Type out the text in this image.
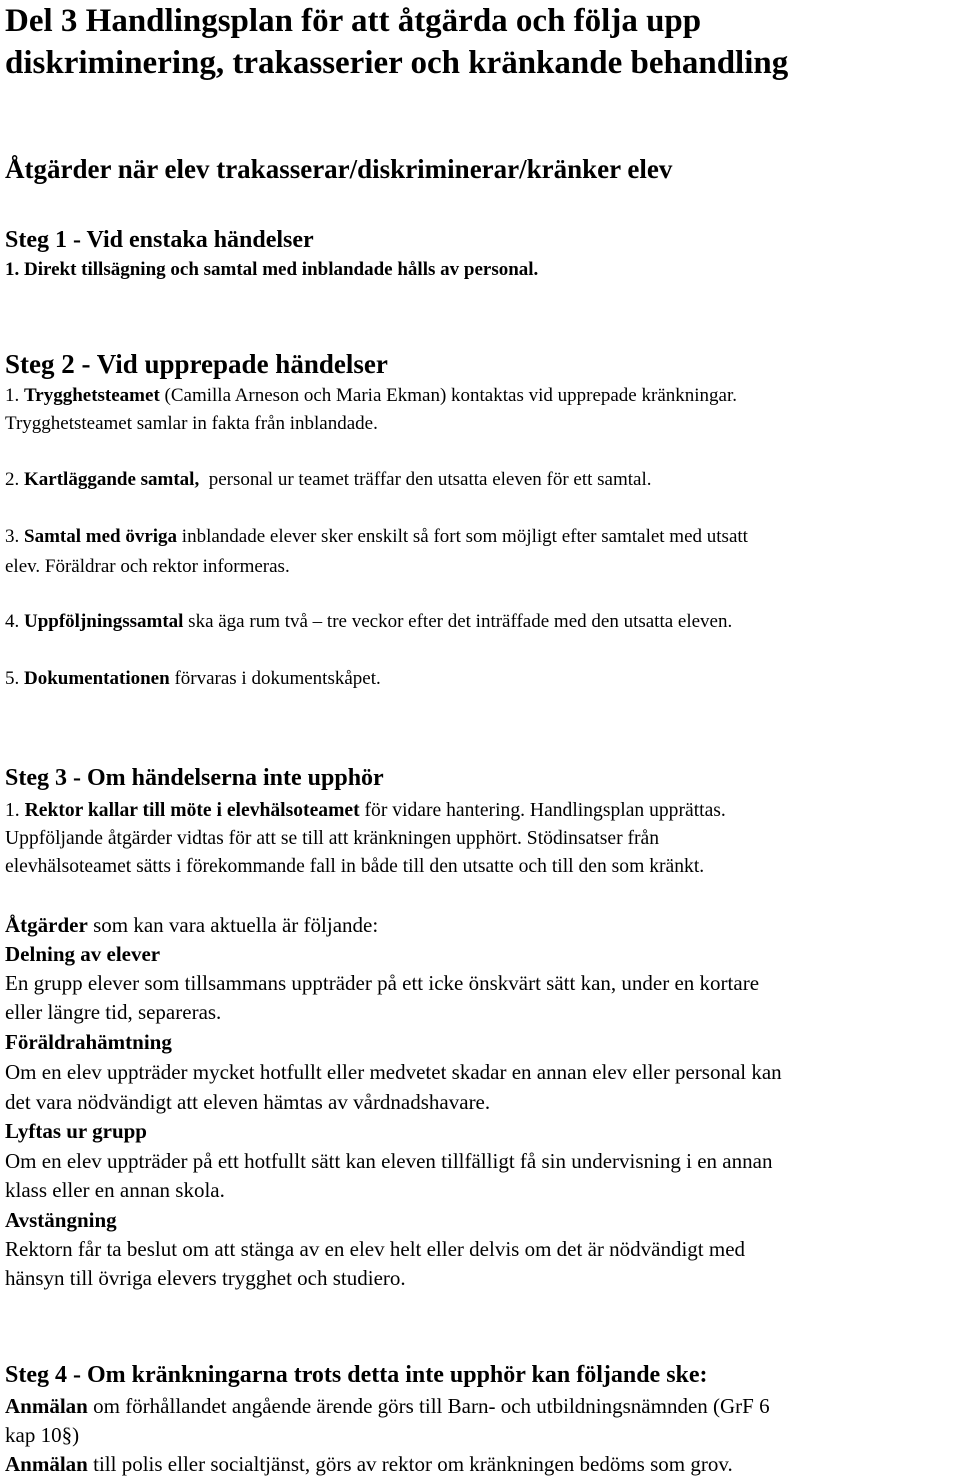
Del 3 Handlingsplan för att åtgärda och följa upp
diskriminering, trakasserier och kränkande behandling
Åtgärder när elev trakasserar/diskriminerar/kränker elev
Steg 1 - Vid enstaka händelser
1. Direkt tillsägning och samtal med inblandade hålls av personal.
Steg 2 - Vid upprepade händelser
1. Trygghetsteamet (Camilla Arneson och Maria Ekman) kontaktas vid upprepade kränkningar.
Trygghetsteamet samlar in fakta från inblandade.
2. Kartläggande samtal,  personal ur teamet träffar den utsatta eleven för ett samtal.
3. Samtal med övriga inblandade elever sker enskilt så fort som möjligt efter samtalet med utsatt
elev. Föräldrar och rektor informeras.
4. Uppföljningssamtal ska äga rum två – tre veckor efter det inträffade med den utsatta eleven.
5. Dokumentationen förvaras i dokumentskåpet.
Steg 3 - Om händelserna inte upphör
1. Rektor kallar till möte i elevhälsoteamet för vidare hantering. Handlingsplan upprättas.
Uppföljande åtgärder vidtas för att se till att kränkningen upphört. Stödinsatser från
elevhälsoteamet sätts i förekommande fall in både till den utsatte och till den som kränkt.
Åtgärder som kan vara aktuella är följande:
Delning av elever
En grupp elever som tillsammans uppträder på ett icke önskvärt sätt kan, under en kortare
eller längre tid, separeras.
Föräldrahämtning
Om en elev uppträder mycket hotfullt eller medvetet skadar en annan elev eller personal kan
det vara nödvändigt att eleven hämtas av vårdnadshavare.
Lyftas ur grupp
Om en elev uppträder på ett hotfullt sätt kan eleven tillfälligt få sin undervisning i en annan
klass eller en annan skola.
Avstängning
Rektorn får ta beslut om att stänga av en elev helt eller delvis om det är nödvändigt med
hänsyn till övriga elevers trygghet och studiero.
Steg 4 - Om kränkningarna trots detta inte upphör kan följande ske:
Anmälan om förhållandet angående ärende görs till Barn- och utbildningsnämnden (GrF 6
kap 10§)
Anmälan till polis eller socialtjänst, görs av rektor om kränkningen bedöms som grov.
